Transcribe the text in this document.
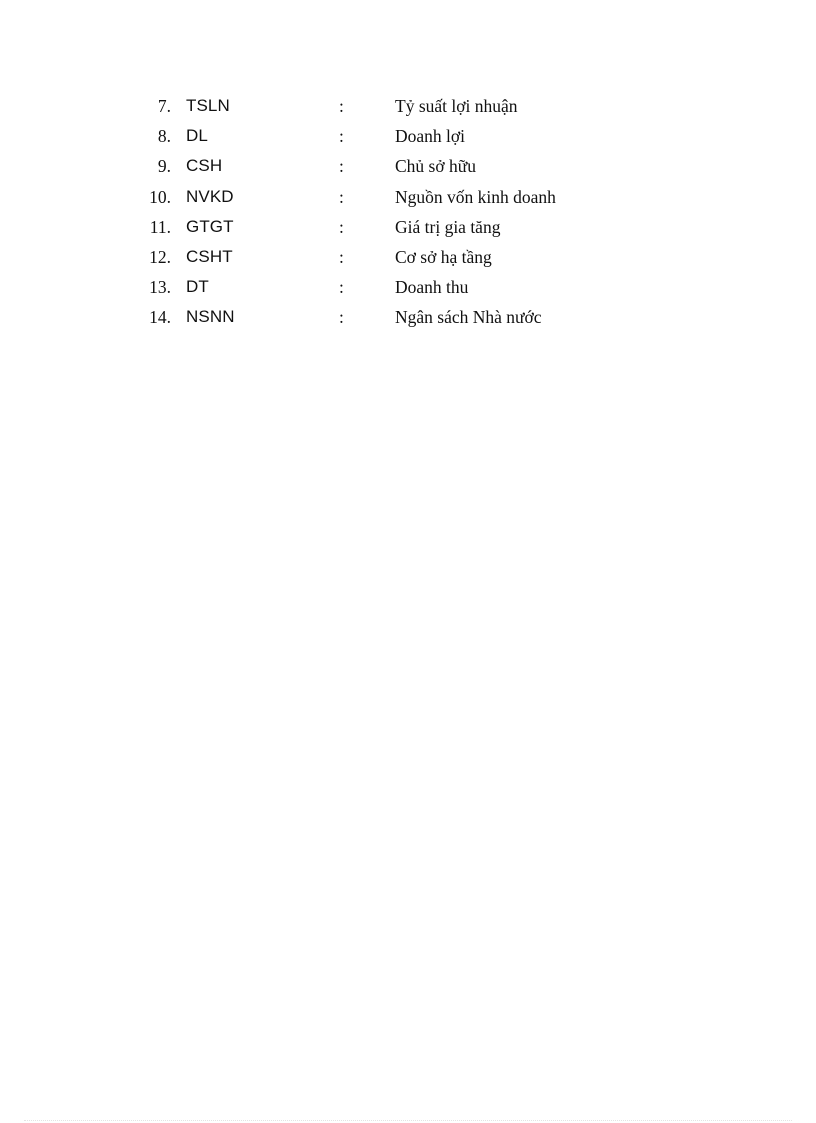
7. TSLN	:	Tỷ suất lợi nhuận
8. DL	:	Doanh lợi
9. CSH	:	Chủ sở hữu
10. NVKD	:	Nguồn vốn kinh doanh
11. GTGT	:	Giá trị gia tăng
12. CSHT	:	Cơ sở hạ tầng
13. DT	:	Doanh thu
14. NSNN	:	Ngân sách Nhà nước
